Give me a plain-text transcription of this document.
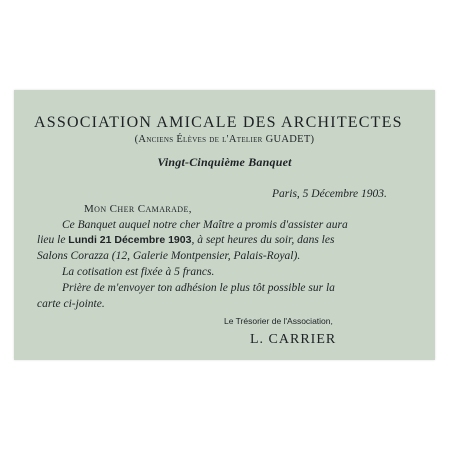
ASSOCIATION AMICALE DES ARCHITECTES
(Anciens Élèves de l'Atelier GUADET)
Vingt-Cinquième Banquet
Paris, 5 Décembre 1903.
Mon Cher Camarade,
Ce Banquet auquel notre cher Maître a promis d'assister aura
lieu le Lundi 21 Décembre 1903, à sept heures du soir, dans les
Salons Corazza (12, Galerie Montpensier, Palais-Royal).
La cotisation est fixée à 5 francs.
Prière de m'envoyer ton adhésion le plus tôt possible sur la
carte ci-jointe.
Le Trésorier de l'Association,
L. CARRIER
